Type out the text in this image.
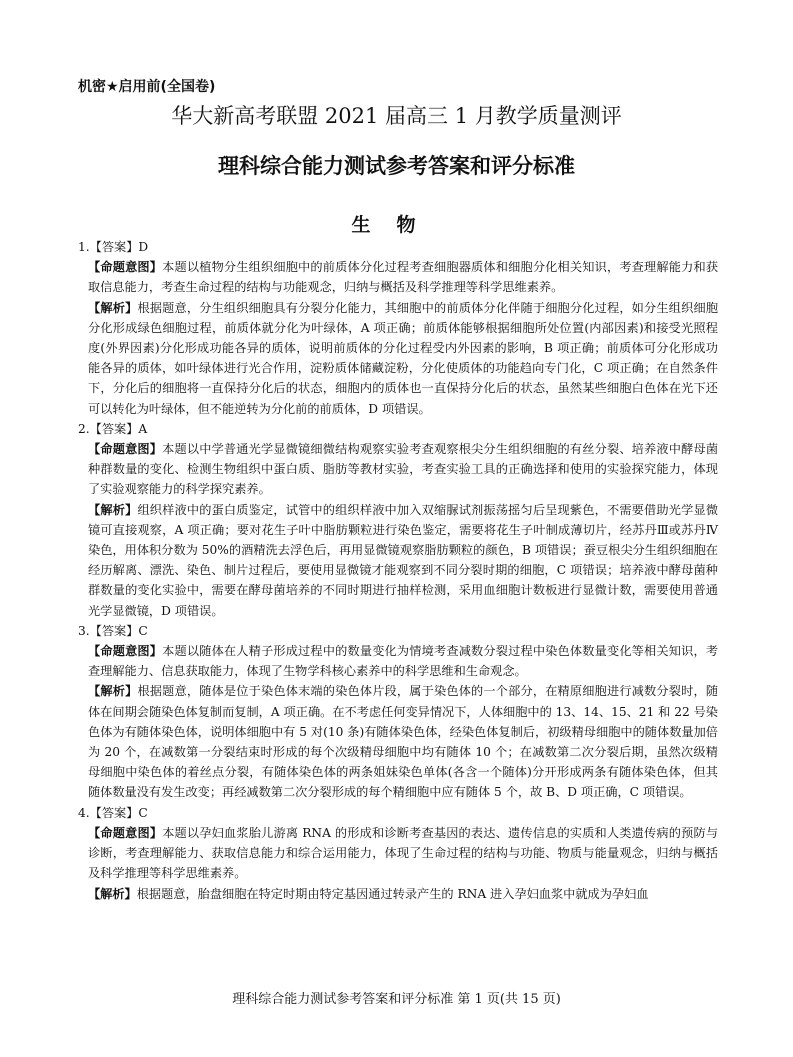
机密★启用前(全国卷)
华大新高考联盟 2021 届高三 1 月教学质量测评
理科综合能力测试参考答案和评分标准
生物

1.【答案】D

【命题意图】本题以植物分生组织细胞中的前质体分化过程考查细胞器质体和细胞分化相关知识，考查理解能力和获取信息能力，考查生命过程的结构与功能观念，归纳与概括及科学推理等科学思维素养。

【解析】根据题意，分生组织细胞具有分裂分化能力，其细胞中的前质体分化伴随于细胞分化过程，如分生组织细胞分化形成绿色细胞过程，前质体就分化为叶绿体，A 项正确；前质体能够根据细胞所处位置(内部因素)和接受光照程度(外界因素)分化形成功能各异的质体，说明前质体的分化过程受内外因素的影响，B 项正确；前质体可分化形成功能各异的质体，如叶绿体进行光合作用，淀粉质体储藏淀粉，分化使质体的功能趋向专门化，C 项正确；在自然条件下，分化后的细胞将一直保持分化后的状态，细胞内的质体也一直保持分化后的状态，虽然某些细胞白色体在光下还可以转化为叶绿体，但不能逆转为分化前的前质体，D 项错误。

2.【答案】A

【命题意图】本题以中学普通光学显微镜细微结构观察实验考查观察根尖分生组织细胞的有丝分裂、培养液中酵母菌种群数量的变化、检测生物组织中蛋白质、脂肪等教材实验，考查实验工具的正确选择和使用的实验探究能力，体现了实验观察能力的科学探究素养。

【解析】组织样液中的蛋白质鉴定，试管中的组织样液中加入双缩脲试剂振荡摇匀后呈现紫色，不需要借助光学显微镜可直接观察，A 项正确；要对花生子叶中脂肪颗粒进行染色鉴定，需要将花生子叶制成薄切片，经苏丹Ⅲ或苏丹Ⅳ染色，用体积分数为 50%的酒精洗去浮色后，再用显微镜观察脂肪颗粒的颜色，B 项错误；蚕豆根尖分生组织细胞在经历解离、漂洗、染色、制片过程后，要使用显微镜才能观察到不同分裂时期的细胞，C 项错误；培养液中酵母菌种群数量的变化实验中，需要在酵母菌培养的不同时期进行抽样检测，采用血细胞计数板进行显微计数，需要使用普通光学显微镜，D 项错误。

3.【答案】C

【命题意图】本题以随体在人精子形成过程中的数量变化为情境考查减数分裂过程中染色体数量变化等相关知识，考查理解能力、信息获取能力，体现了生物学科核心素养中的科学思维和生命观念。

【解析】根据题意，随体是位于染色体末端的染色体片段，属于染色体的一个部分，在精原细胞进行减数分裂时，随体在间期会随染色体复制而复制，A 项正确。在不考虑任何变异情况下，人体细胞中的 13、14、15、21 和 22 号染色体为有随体染色体，说明体细胞中有 5 对(10 条)有随体染色体，经染色体复制后，初级精母细胞中的随体数量加倍为 20 个，在减数第一分裂结束时形成的每个次级精母细胞中均有随体 10 个；在减数第二次分裂后期，虽然次级精母细胞中染色体的着丝点分裂，有随体染色体的两条姐妹染色单体(各含一个随体)分开形成两条有随体染色体，但其随体数量没有发生改变；再经减数第二次分裂形成的每个精细胞中应有随体 5 个，故 B、D 项正确，C 项错误。

4.【答案】C

【命题意图】本题以孕妇血浆胎儿游离 RNA 的形成和诊断考查基因的表达、遗传信息的实质和人类遗传病的预防与诊断，考查理解能力、获取信息能力和综合运用能力，体现了生命过程的结构与功能、物质与能量观念，归纳与概括及科学推理等科学思维素养。

【解析】根据题意，胎盘细胞在特定时期由特定基因通过转录产生的 RNA 进入孕妇血浆中就成为孕妇血

理科综合能力测试参考答案和评分标准 第 1 页(共 15 页)
